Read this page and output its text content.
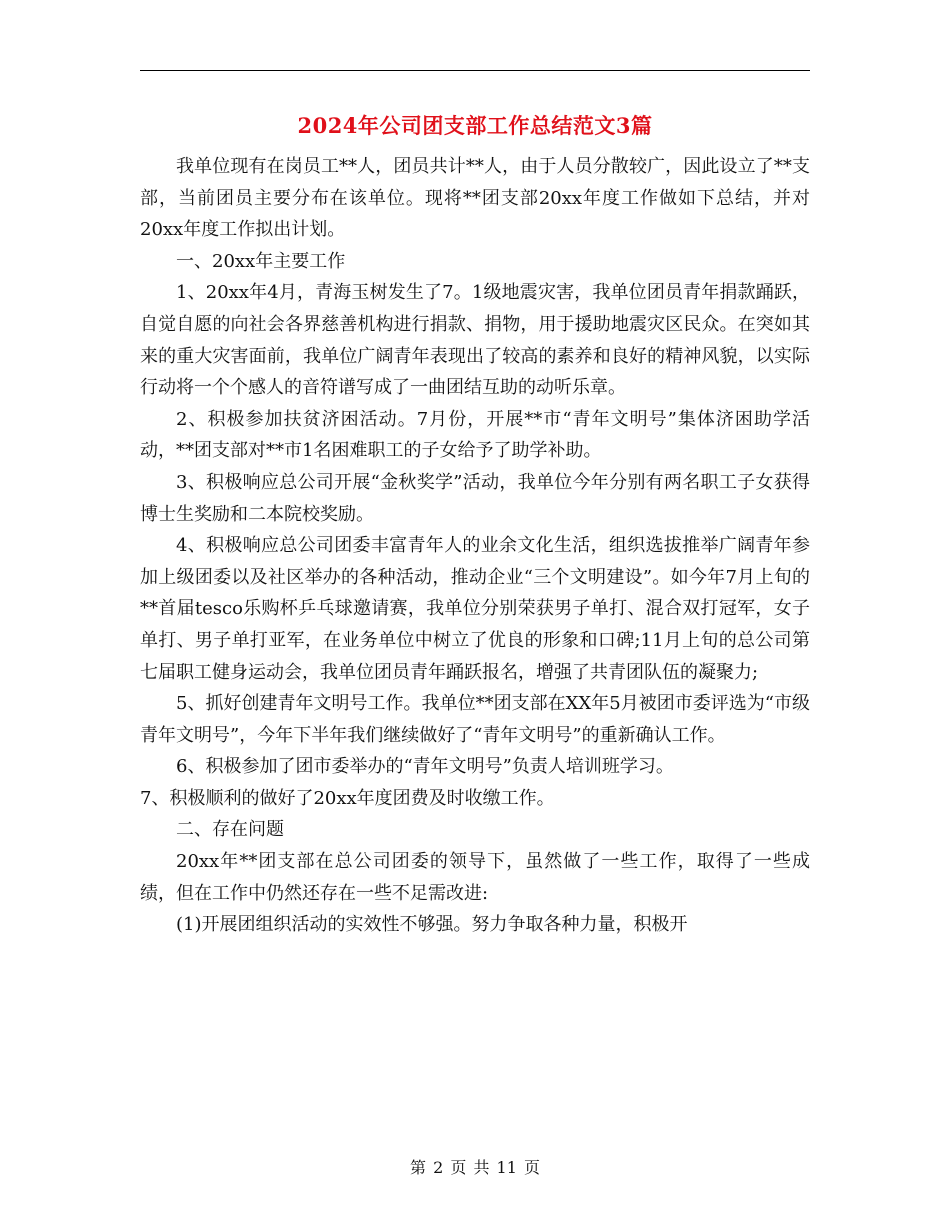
2024年公司团支部工作总结范文3篇

我单位现有在岗员工**人，团员共计**人，由于人员分散较广，因此设立了**支部，当前团员主要分布在该单位。现将**团支部20xx年度工作做如下总结，并对20xx年度工作拟出计划。

一、20xx年主要工作

1、20xx年4月，青海玉树发生了7。1级地震灾害，我单位团员青年捐款踊跃，自觉自愿的向社会各界慈善机构进行捐款、捐物，用于援助地震灾区民众。在突如其来的重大灾害面前，我单位广阔青年表现出了较高的素养和良好的精神风貌，以实际行动将一个个感人的音符谱写成了一曲团结互助的动听乐章。

2、积极参加扶贫济困活动。7月份，开展**市“青年文明号”集体济困助学活动，**团支部对**市1名困难职工的子女给予了助学补助。

3、积极响应总公司开展“金秋奖学”活动，我单位今年分别有两名职工子女获得博士生奖励和二本院校奖励。

4、积极响应总公司团委丰富青年人的业余文化生活，组织选拔推举广阔青年参加上级团委以及社区举办的各种活动，推动企业“三个文明建设”。如今年7月上旬的**首届tesco乐购杯乒乓球邀请赛，我单位分别荣获男子单打、混合双打冠军，女子单打、男子单打亚军，在业务单位中树立了优良的形象和口碑;11月上旬的总公司第七届职工健身运动会，我单位团员青年踊跃报名，增强了共青团队伍的凝聚力;

5、抓好创建青年文明号工作。我单位**团支部在XX年5月被团市委评选为“市级青年文明号”，今年下半年我们继续做好了“青年文明号”的重新确认工作。

6、积极参加了团市委举办的“青年文明号”负责人培训班学习。

7、积极顺利的做好了20xx年度团费及时收缴工作。

二、存在问题

20xx年**团支部在总公司团委的领导下，虽然做了一些工作，取得了一些成绩，但在工作中仍然还存在一些不足需改进:

(1)开展团组织活动的实效性不够强。努力争取各种力量，积极开

第 2 页 共 11 页
